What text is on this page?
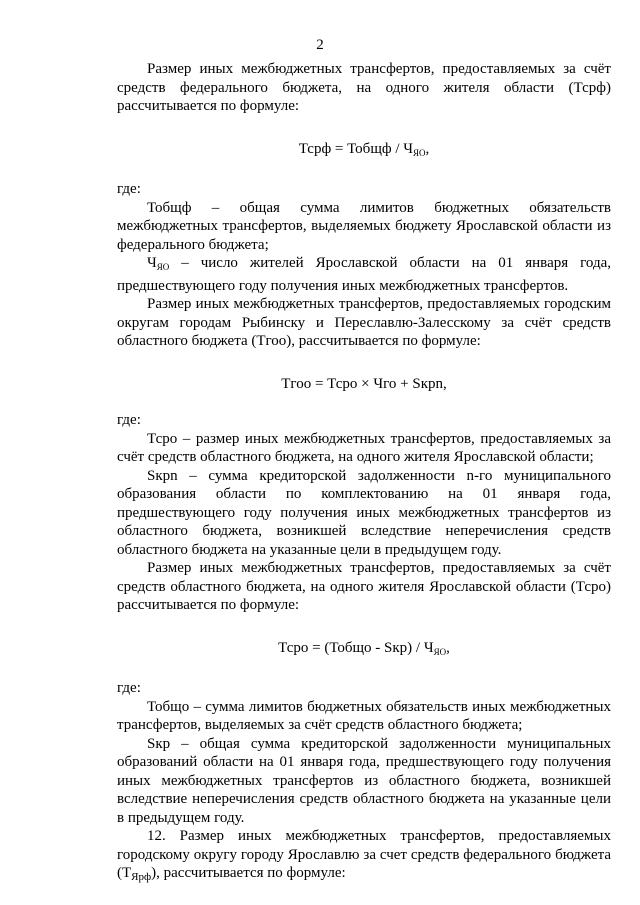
2

Размер иных межбюджетных трансфертов, предоставляемых за счёт средств федерального бюджета, на одного жителя области (Тсрф) рассчитывается по формуле:

Тсрф = Тобщф / $Ч_{ЯО}$,

где:

Тобщф – общая сумма лимитов бюджетных обязательств межбюджетных трансфертов, выделяемых бюджету Ярославской области из федерального бюджета;

$Ч_{ЯО}$ – число жителей Ярославской области на 01 января года, предшествующего году получения иных межбюджетных трансфертов.

Размер иных межбюджетных трансфертов, предоставляемых городским округам городам Рыбинску и Переславлю-Залесскому за счёт средств областного бюджета (Тгоо), рассчитывается по формуле:

Тгоо = Тсро × Чго + Sкрn,

где:

Тсро – размер иных межбюджетных трансфертов, предоставляемых за счёт средств областного бюджета, на одного жителя Ярославской области;

Sкрn – сумма кредиторской задолженности n-го муниципального образования области по комплектованию на 01 января года, предшествующего году получения иных межбюджетных трансфертов из областного бюджета, возникшей вследствие неперечисления средств областного бюджета на указанные цели в предыдущем году.

Размер иных межбюджетных трансфертов, предоставляемых за счёт средств областного бюджета, на одного жителя Ярославской области (Тсро) рассчитывается по формуле:

Тсро = (Тобщо - $Sкр) / Ч_{ЯО}$,

где:

Тобщо – сумма лимитов бюджетных обязательств иных межбюджетных трансфертов, выделяемых за счёт средств областного бюджета;

Sкр – общая сумма кредиторской задолженности муниципальных образований области на 01 января года, предшествующего году получения иных межбюджетных трансфертов из областного бюджета, возникшей вследствие неперечисления средств областного бюджета на указанные цели в предыдущем году.

12. Размер иных межбюджетных трансфертов, предоставляемых городскому округу городу Ярославлю за счет средств федерального бюджета $(Т_{Ярф})$, рассчитывается по формуле:
